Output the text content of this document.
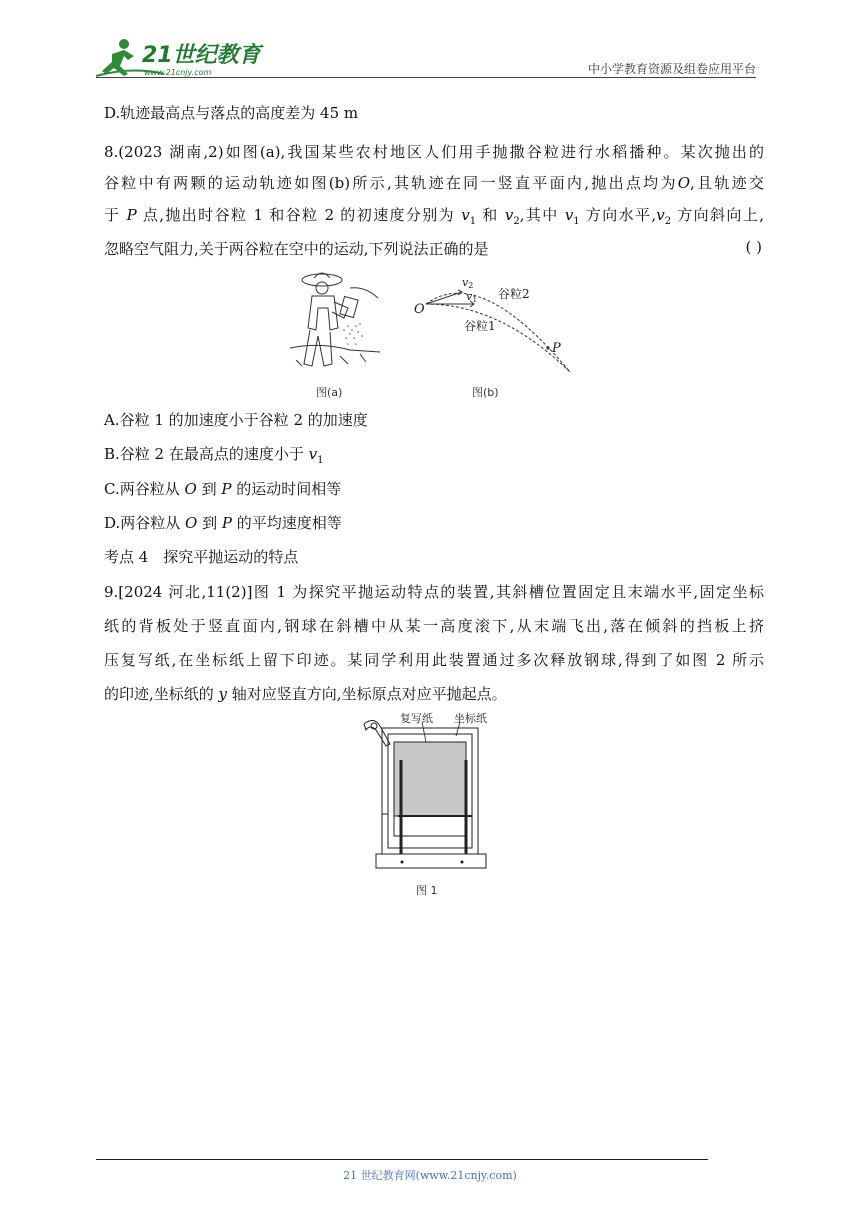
21世纪教育
www.21cnjy.com	中小学教育资源及组卷应用平台
D.轨迹最高点与落点的高度差为 45 m
8.(2023 湖南,2)如图(a),我国某些农村地区人们用手抛撒谷粒进行水稻播种。某次抛出的
谷粒中有两颗的运动轨迹如图(b)所示,其轨迹在同一竖直平面内,抛出点均为O,且轨迹交
于 P 点,抛出时谷粒 1 和谷粒 2 的初速度分别为 $v_1$ 和 $v_2$,其中 $v_1$ 方向水平$,v_2$ 方向斜向上,
忽略空气阻力,关于两谷粒在空中的运动,下列说法正确的是	( )
图(a)
O
v2
v1 谷粒2
谷粒1
P
图(b)
A.谷粒 1 的加速度小于谷粒 2 的加速度
B.谷粒 2 在最高点的速度小于 $v_1$
C.两谷粒从 O 到 P 的运动时间相等
D.两谷粒从 O 到 P 的平均速度相等
考点 4　探究平抛运动的特点
9.[2024 河北,11(2)]图 1 为探究平抛运动特点的装置,其斜槽位置固定且末端水平,固定坐标
纸的背板处于竖直面内,钢球在斜槽中从某一高度滚下,从末端飞出,落在倾斜的挡板上挤
压复写纸,在坐标纸上留下印迹。某同学利用此装置通过多次释放钢球,得到了如图 2 所示
的印迹,坐标纸的 y 轴对应竖直方向,坐标原点对应平抛起点。
复写纸 坐标纸
图 1
21 世纪教育网(www.21cnjy.com)
